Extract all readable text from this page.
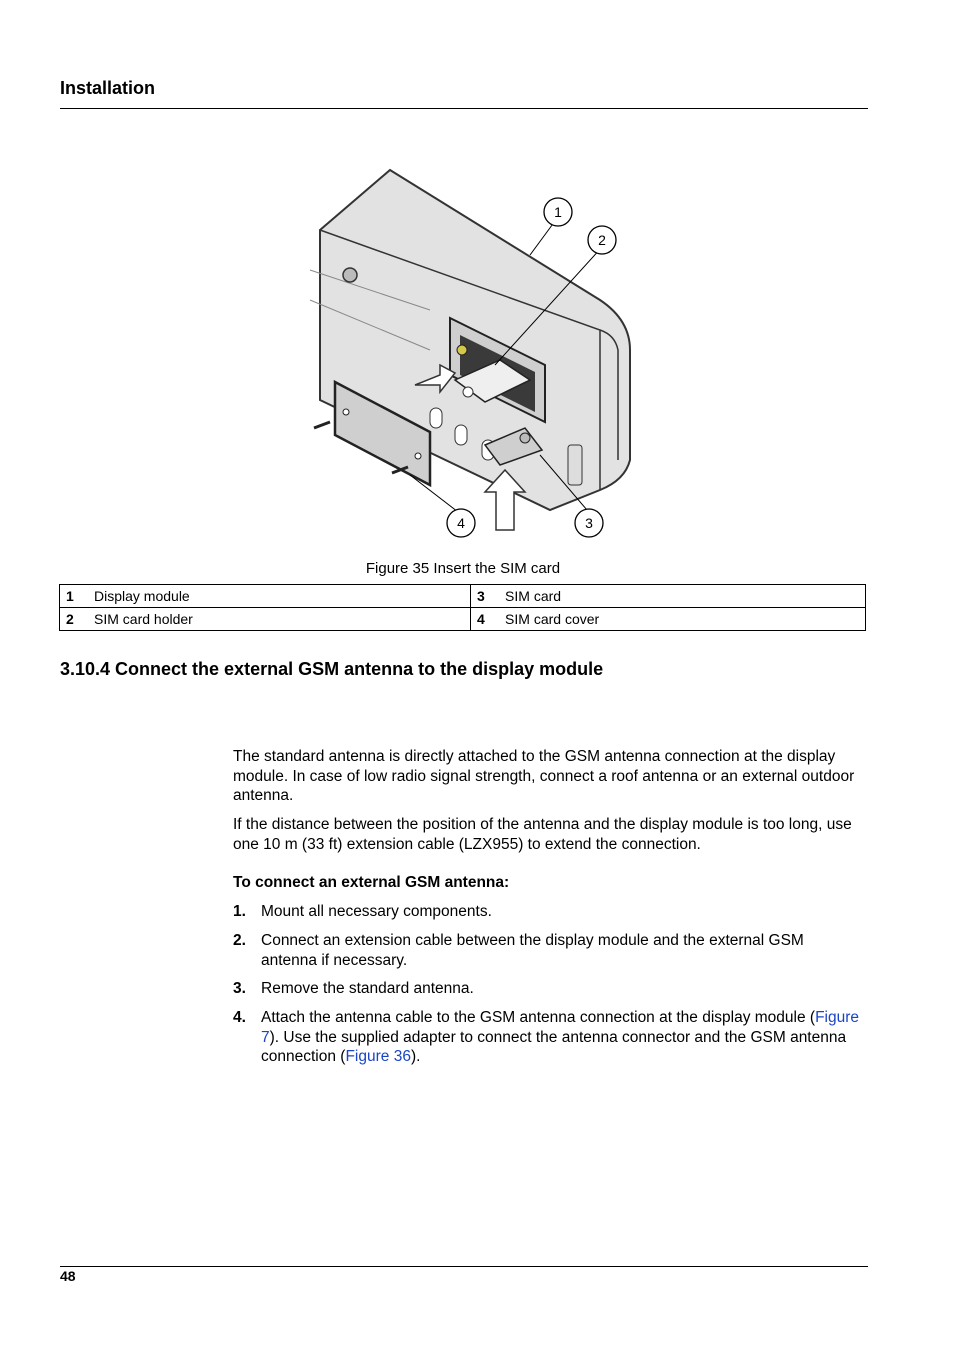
Installation
1
2
3
4
Figure 35 Insert the SIM card
1	Display module	3	SIM card
2	SIM card holder	4	SIM card cover
3.10.4 Connect the external GSM antenna to the display module

The standard antenna is directly attached to the GSM antenna connection at the display module. In case of low radio signal strength, connect a roof antenna or an external outdoor antenna.

If the distance between the position of the antenna and the display module is too long, use one 10 m (33 ft) extension cable (LZX955) to extend the connection.

To connect an external GSM antenna:
1. Mount all necessary components.
2. Connect an extension cable between the display module and the external GSM antenna if necessary.
3. Remove the standard antenna.
4. Attach the antenna cable to the GSM antenna connection at the display module (Figure 7). Use the supplied adapter to connect the antenna connector and the GSM antenna connection (Figure 36).
48
